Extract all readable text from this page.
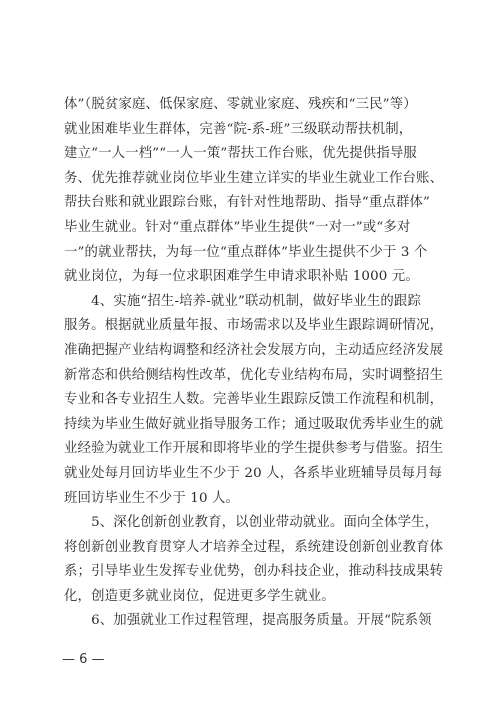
体”（脱贫家庭、低保家庭、零就业家庭、残疾和“三民”等）
就业困难毕业生群体，完善“院-系-班”三级联动帮扶机制，
建立“一人一档”“一人一策”帮扶工作台账，优先提供指导服
务、优先推荐就业岗位毕业生建立详实的毕业生就业工作台账、
帮扶台账和就业跟踪台账，有针对性地帮助、指导“重点群体”
毕业生就业。针对“重点群体”毕业生提供“一对一”或“多对
一”的就业帮扶，为每一位“重点群体”毕业生提供不少于 3 个
就业岗位，为每一位求职困难学生申请求职补贴 1000 元。
　　4、实施“招生-培养-就业”联动机制，做好毕业生的跟踪
服务。根据就业质量年报、市场需求以及毕业生跟踪调研情况，
准确把握产业结构调整和经济社会发展方向，主动适应经济发展
新常态和供给侧结构性改革，优化专业结构布局，实时调整招生
专业和各专业招生人数。完善毕业生跟踪反馈工作流程和机制，
持续为毕业生做好就业指导服务工作；通过吸取优秀毕业生的就
业经验为就业工作开展和即将毕业的学生提供参考与借鉴。招生
就业处每月回访毕业生不少于 20 人，各系毕业班辅导员每月每
班回访毕业生不少于 10 人。
　　5、深化创新创业教育，以创业带动就业。面向全体学生，
将创新创业教育贯穿人才培养全过程，系统建设创新创业教育体
系；引导毕业生发挥专业优势，创办科技企业，推动科技成果转
化，创造更多就业岗位，促进更多学生就业。
　　6、加强就业工作过程管理，提高服务质量。开展“院系领
— 6 —
